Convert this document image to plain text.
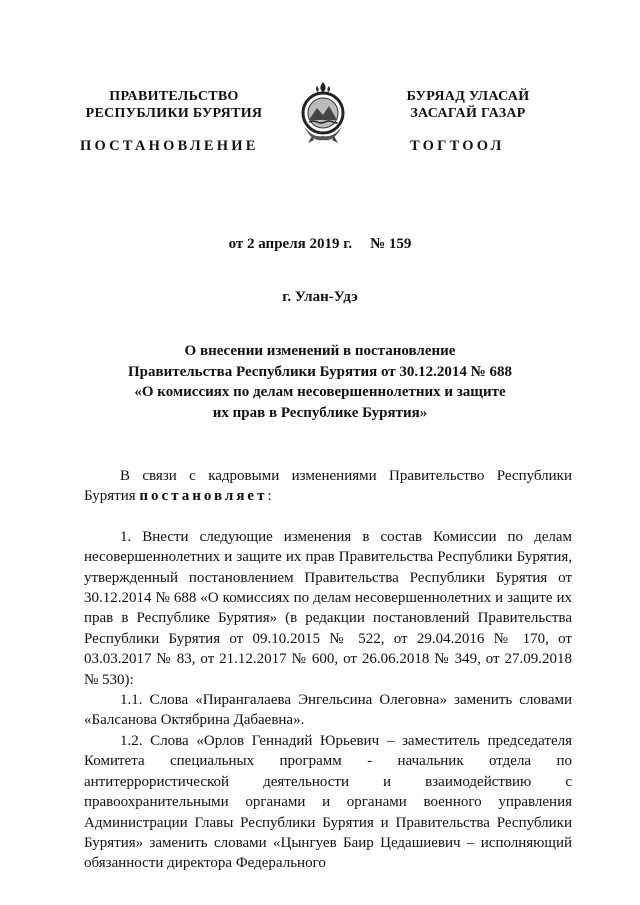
ПРАВИТЕЛЬСТВО
РЕСПУБЛИКИ БУРЯТИЯ
БУРЯАД УЛАСАЙ
ЗАСАГАЙ ГАЗАР
ПОСТАНОВЛЕНИЕ	ТОГТООЛ
от 2 апреля 2019 г. № 159
г. Улан-Удэ
О внесении изменений в постановление
Правительства Республики Бурятия от 30.12.2014 № 688
«О комиссиях по делам несовершеннолетних и защите
их прав в Республике Бурятия»

В связи с кадровыми изменениями Правительство Республики Бурятия постановляет:

1. Внести следующие изменения в состав Комиссии по делам несовершеннолетних и защите их прав Правительства Республики Бурятия, утвержденный постановлением Правительства Республики Бурятия от 30.12.2014 № 688 «О комиссиях по делам несовершеннолетних и защите их прав в Республике Бурятия» (в редакции постановлений Правительства Республики Бурятия от 09.10.2015 № 522, от 29.04.2016 № 170, от 03.03.2017 № 83, от 21.12.2017 № 600, от 26.06.2018 № 349, от 27.09.2018 № 530):

1.1. Слова «Пирангалаева Энгельсина Олеговна» заменить словами «Балсанова Октябрина Дабаевна».

1.2. Слова «Орлов Геннадий Юрьевич – заместитель председателя Комитета специальных программ - начальник отдела по антитеррористической деятельности и взаимодействию с правоохранительными органами и органами военного управления Администрации Главы Республики Бурятия и Правительства Республики Бурятия» заменить словами «Цынгуев Баир Цедашиевич – исполняющий обязанности директора Федерального
